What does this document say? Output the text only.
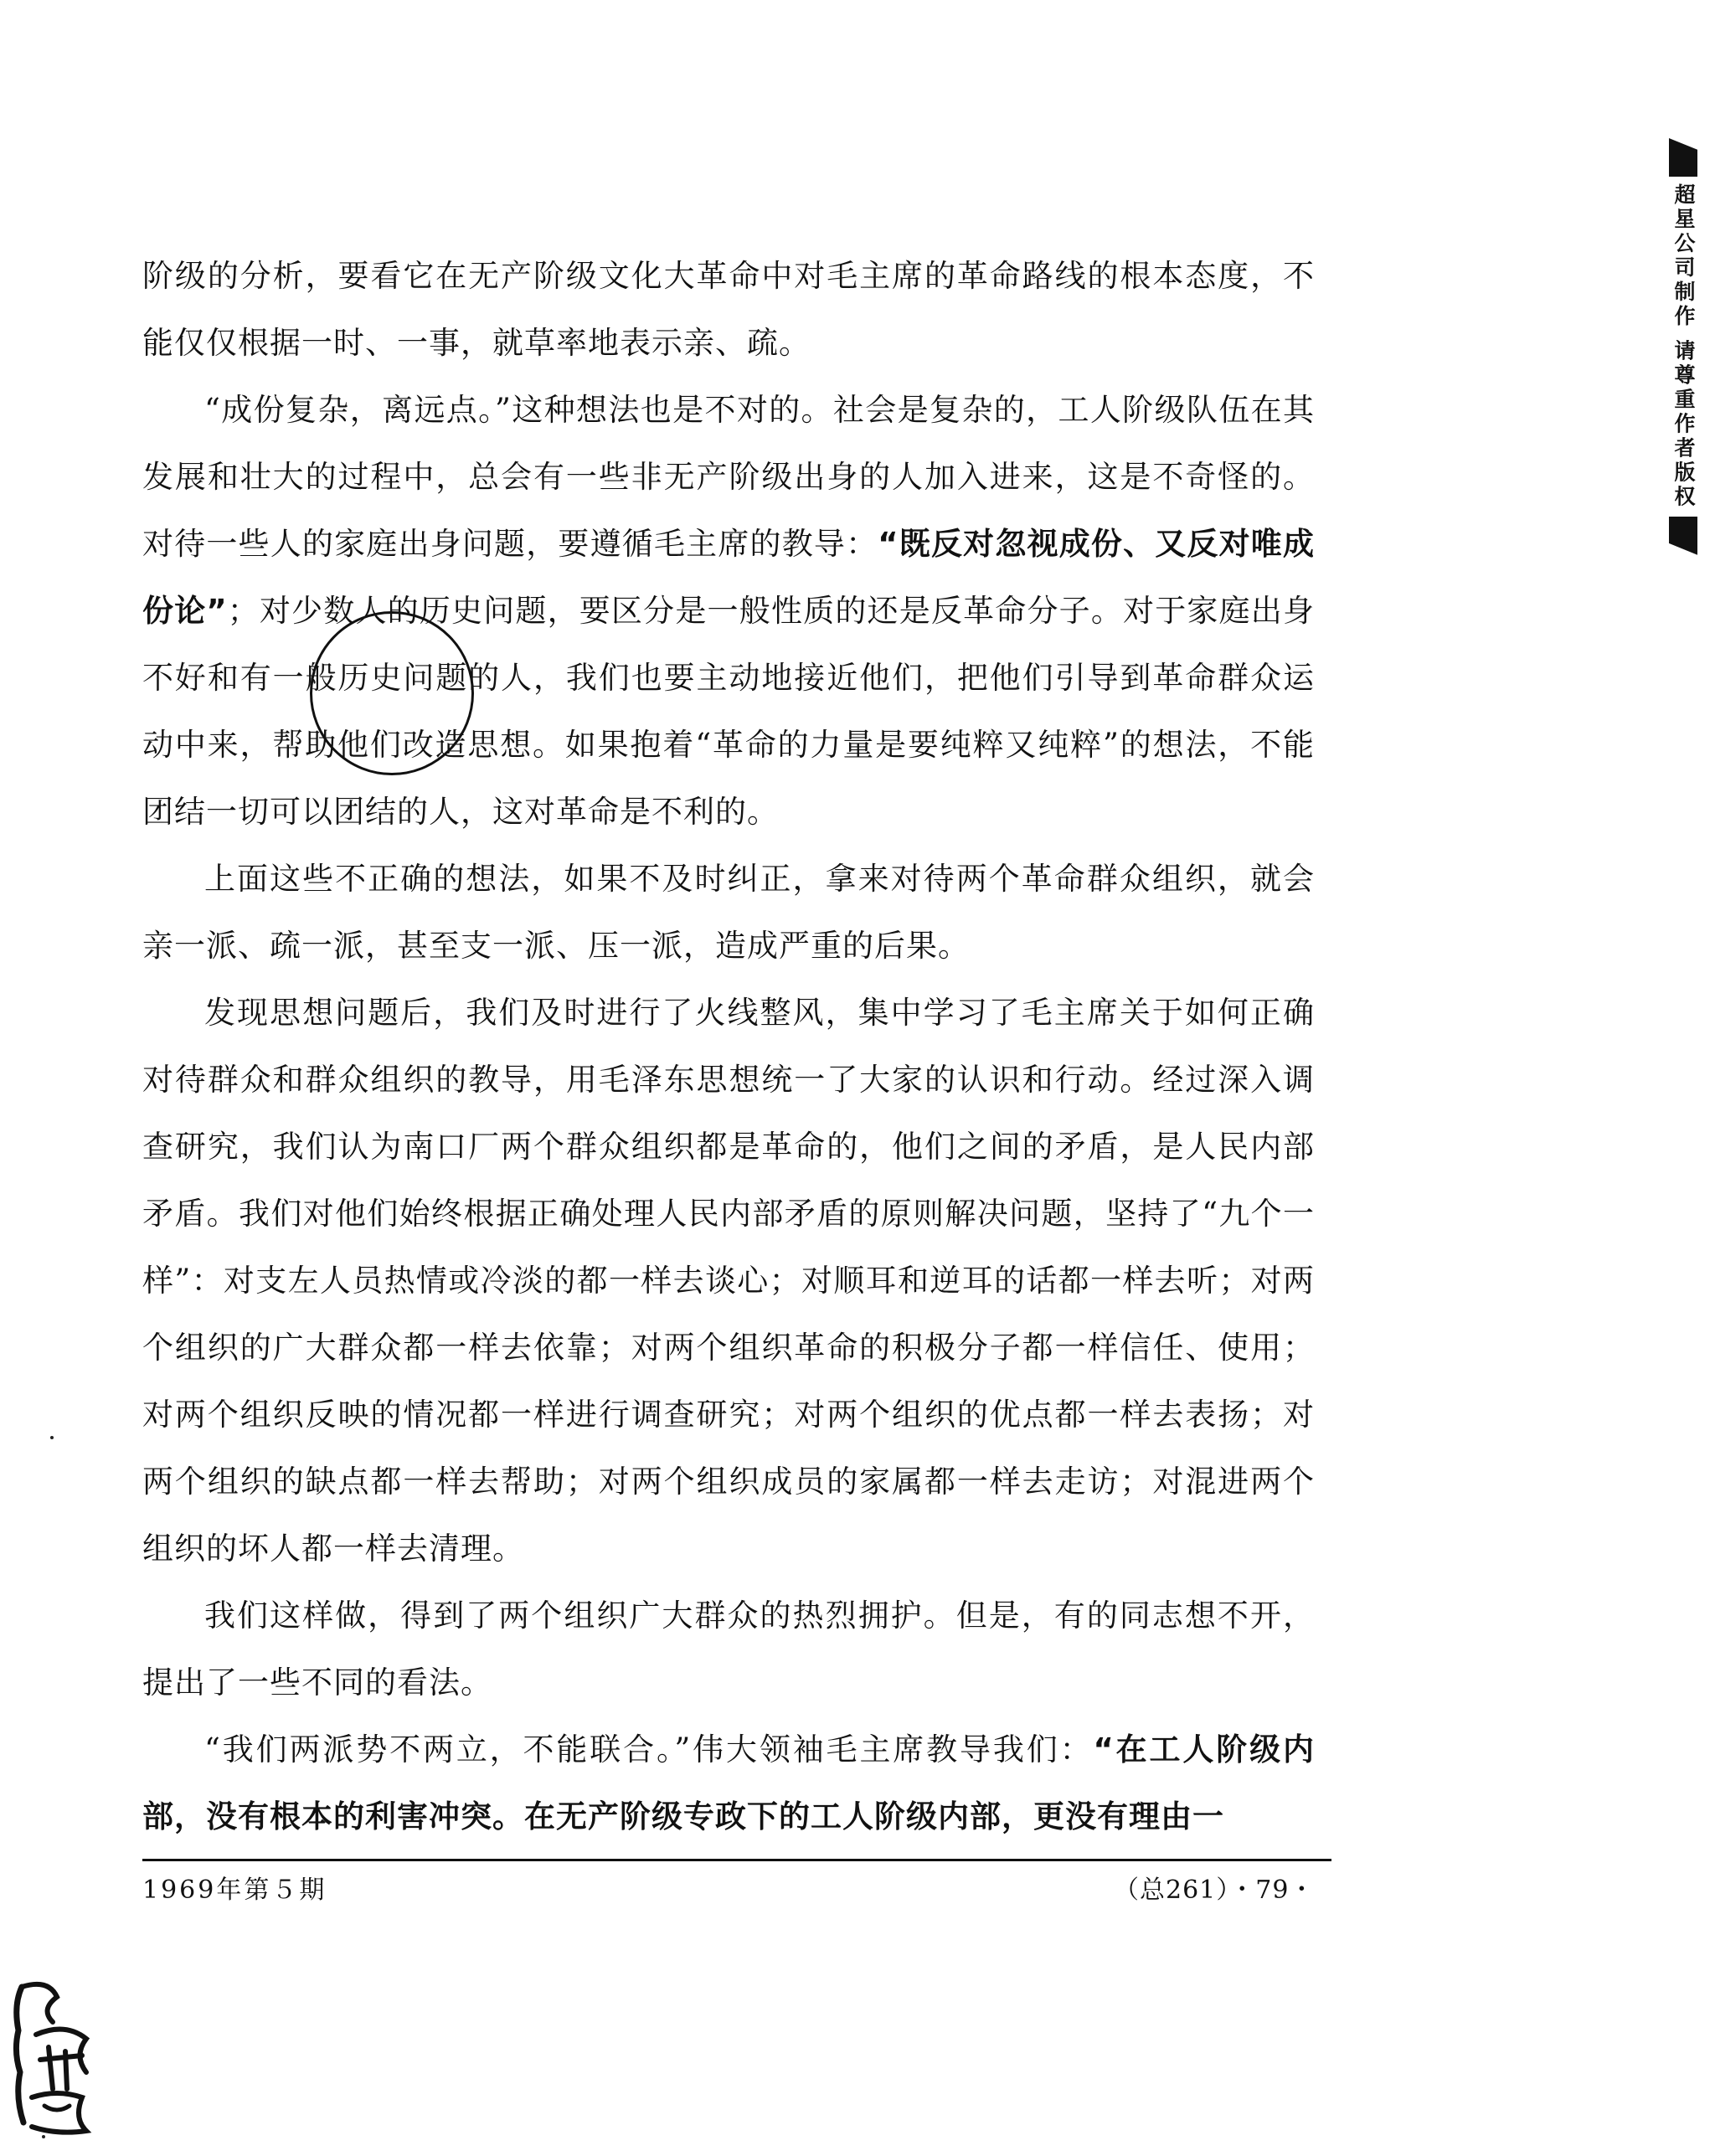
超星公司制作 请尊重作者版权

阶级的分析，要看它在无产阶级文化大革命中对毛主席的革命路线的根本态度，不能仅仅根据一时、一事，就草率地表示亲、疏。

“成份复杂，离远点。”这种想法也是不对的。社会是复杂的，工人阶级队伍在其发展和壮大的过程中，总会有一些非无产阶级出身的人加入进来，这是不奇怪的。对待一些人的家庭出身问题，要遵循毛主席的教导：“既反对忽视成份、又反对唯成份论”；对少数人的历史问题，要区分是一般性质的还是反革命分子。对于家庭出身不好和有一般历史问题的人，我们也要主动地接近他们，把他们引导到革命群众运动中来，帮助他们改造思想。如果抱着“革命的力量是要纯粹又纯粹”的想法，不能团结一切可以团结的人，这对革命是不利的。

上面这些不正确的想法，如果不及时纠正，拿来对待两个革命群众组织，就会亲一派、疏一派，甚至支一派、压一派，造成严重的后果。

发现思想问题后，我们及时进行了火线整风，集中学习了毛主席关于如何正确对待群众和群众组织的教导，用毛泽东思想统一了大家的认识和行动。经过深入调查研究，我们认为南口厂两个群众组织都是革命的，他们之间的矛盾，是人民内部矛盾。我们对他们始终根据正确处理人民内部矛盾的原则解决问题，坚持了“九个一样”：对支左人员热情或冷淡的都一样去谈心；对顺耳和逆耳的话都一样去听；对两个组织的广大群众都一样去依靠；对两个组织革命的积极分子都一样信任、使用；对两个组织反映的情况都一样进行调查研究；对两个组织的优点都一样去表扬；对两个组织的缺点都一样去帮助；对两个组织成员的家属都一样去走访；对混进两个组织的坏人都一样去清理。

我们这样做，得到了两个组织广大群众的热烈拥护。但是，有的同志想不开，提出了一些不同的看法。

“我们两派势不两立，不能联合。”伟大领袖毛主席教导我们：“在工人阶级内部，没有根本的利害冲突。在无产阶级专政下的工人阶级内部，更没有理由一

1969年第５期	（总261）・79・
